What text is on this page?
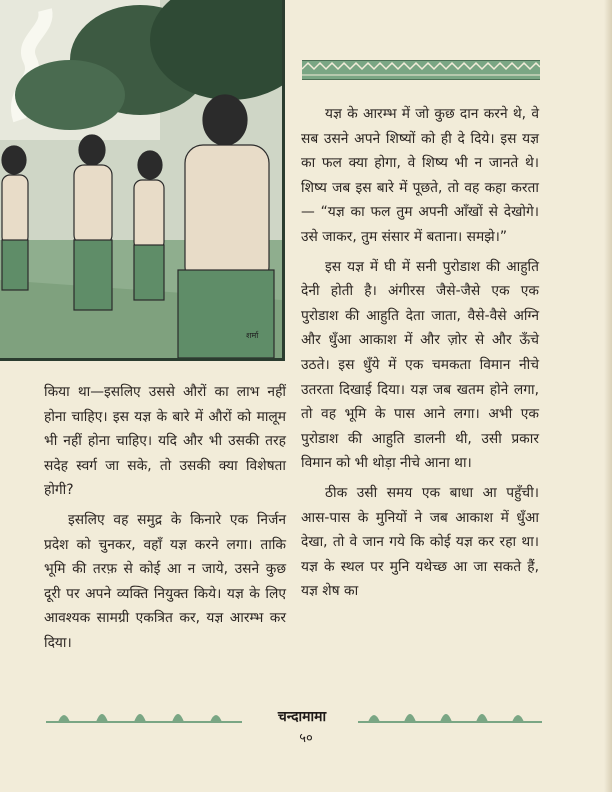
शर्मा

यज्ञ के आरम्भ में जो कुछ दान करने थे, वे सब उसने अपने शिष्यों को ही दे दिये। इस यज्ञ का फल क्या होगा, वे शिष्य भी न जानते थे। शिष्य जब इस बारे में पूछते, तो वह कहा करता— “यज्ञ का फल तुम अपनी आँखों से देखोगे। उसे जाकर, तुम संसार में बताना। समझे।”

इस यज्ञ में घी में सनी पुरोडाश की आहुति देनी होती है। अंगीरस जैसे-जैसे एक एक पुरोडाश की आहुति देता जाता, वैसे-वैसे अग्नि और धुँआ आकाश में और ज़ोर से और ऊँचे उठते। इस धुँये में एक चमकता विमान नीचे उतरता दिखाई दिया। यज्ञ जब खतम होने लगा, तो वह भूमि के पास आने लगा। अभी एक पुरोडाश की आहुति डालनी थी, उसी प्रकार विमान को भी थोड़ा नीचे आना था।

ठीक उसी समय एक बाधा आ पहुँची। आस-पास के मुनियों ने जब आकाश में धुँआ देखा, तो वे जान गये कि कोई यज्ञ कर रहा था। यज्ञ के स्थल पर मुनि यथेच्छ आ जा सकते हैं, यज्ञ शेष का

किया था—इसलिए उससे औरों का लाभ नहीं होना चाहिए। इस यज्ञ के बारे में औरों को मालूम भी नहीं होना चाहिए। यदि और भी उसकी तरह सदेह स्वर्ग जा सके, तो उसकी क्या विशेषता होगी?

इसलिए वह समुद्र के किनारे एक निर्जन प्रदेश को चुनकर, वहाँ यज्ञ करने लगा। ताकि भूमि की तरफ़ से कोई आ न जाये, उसने कुछ दूरी पर अपने व्यक्ति नियुक्त किये। यज्ञ के लिए आवश्यक सामग्री एकत्रित कर, यज्ञ आरम्भ कर दिया।

चन्दामामा
५०
